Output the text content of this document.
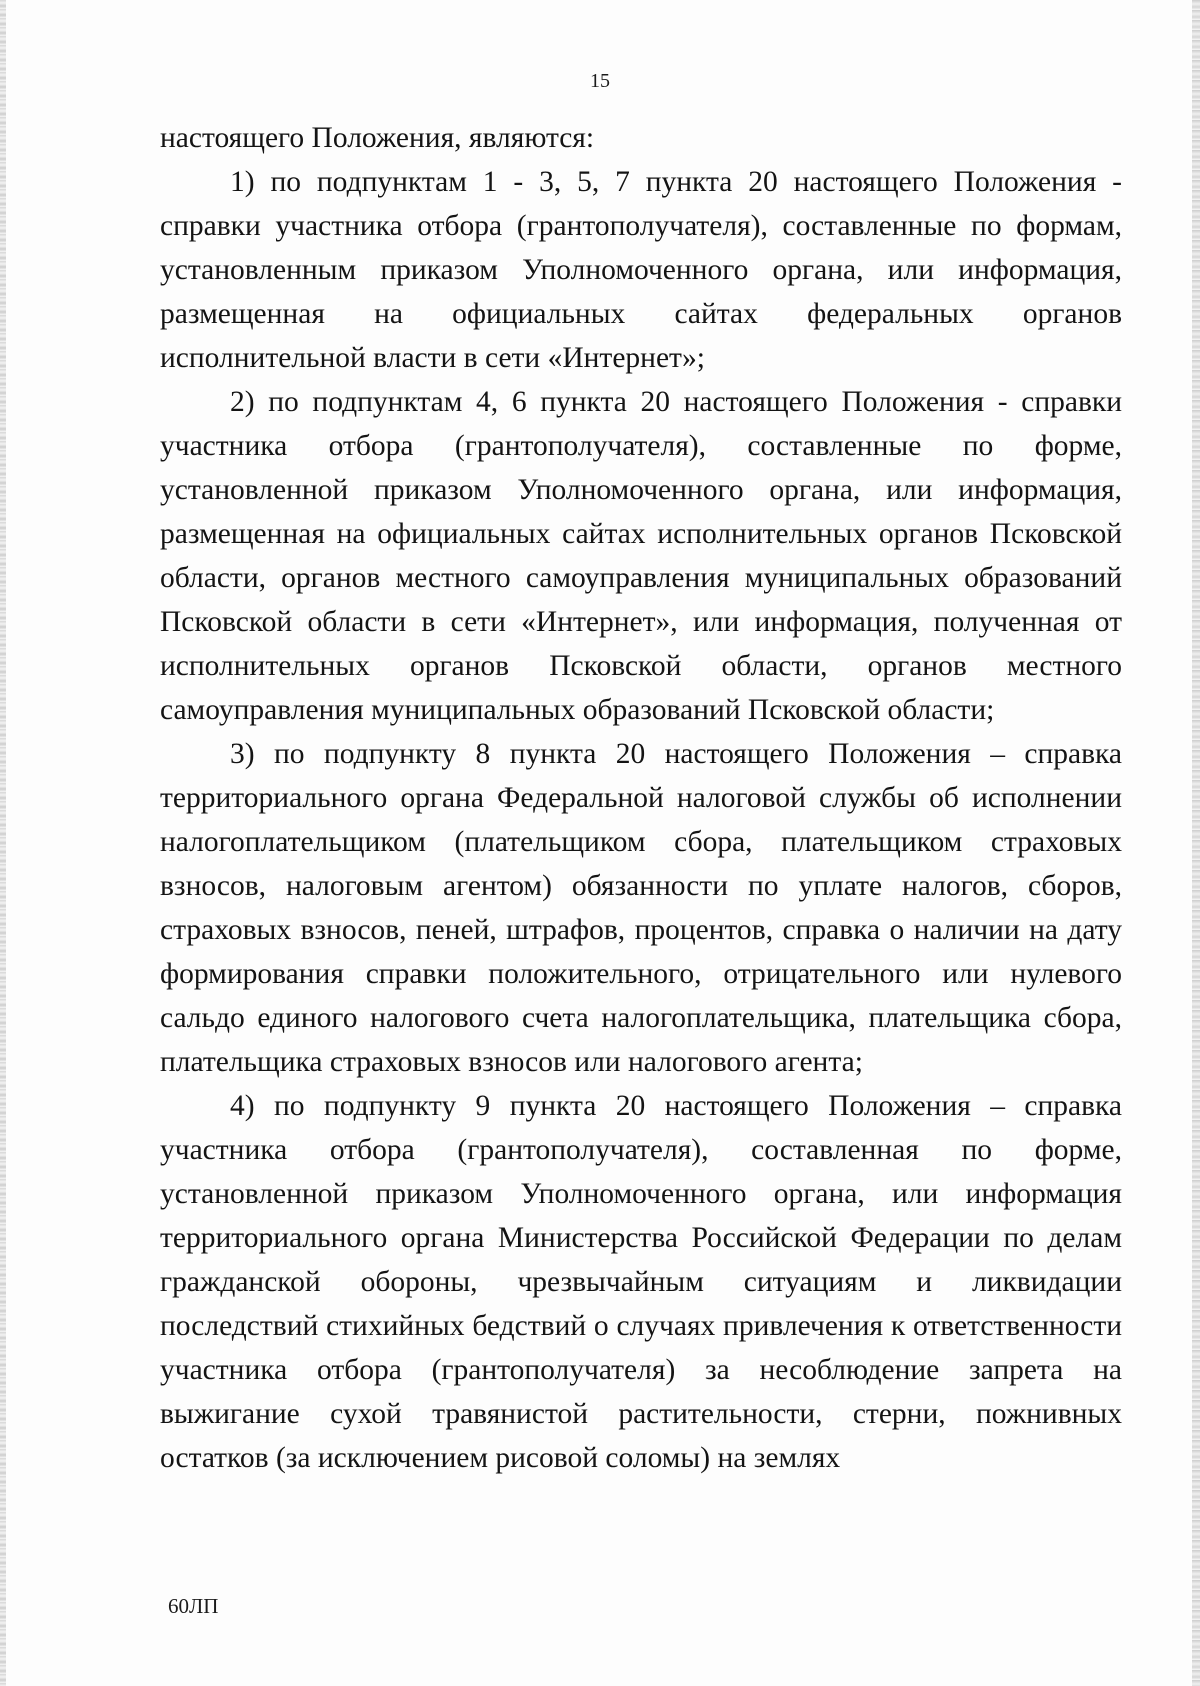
15

настоящего Положения, являются:

1) по подпунктам 1 - 3, 5, 7 пункта 20 настоящего Положения - справки участника отбора (грантополучателя), составленные по формам, установленным приказом Уполномоченного органа, или информация, размещенная на официальных сайтах федеральных органов исполнительной власти в сети «Интернет»;

2) по подпунктам 4, 6 пункта 20 настоящего Положения - справки участника отбора (грантополучателя), составленные по форме, установленной приказом Уполномоченного органа, или информация, размещенная на официальных сайтах исполнительных органов Псковской области, органов местного самоуправления муниципальных образований Псковской области в сети «Интернет», или информация, полученная от исполнительных органов Псковской области, органов местного самоуправления муниципальных образований Псковской области;

3) по подпункту 8 пункта 20 настоящего Положения – справка территориального органа Федеральной налоговой службы об исполнении налогоплательщиком (плательщиком сбора, плательщиком страховых взносов, налоговым агентом) обязанности по уплате налогов, сборов, страховых взносов, пеней, штрафов, процентов, справка о наличии на дату формирования справки положительного, отрицательного или нулевого сальдо единого налогового счета налогоплательщика, плательщика сбора, плательщика страховых взносов или налогового агента;

4) по подпункту 9 пункта 20 настоящего Положения – справка участника отбора (грантополучателя), составленная по форме, установленной приказом Уполномоченного органа, или информация территориального органа Министерства Российской Федерации по делам гражданской обороны, чрезвычайным ситуациям и ликвидации последствий стихийных бедствий о случаях привлечения к ответственности участника отбора (грантополучателя) за несоблюдение запрета на выжигание сухой травянистой растительности, стерни, пожнивных остатков (за исключением рисовой соломы) на землях

60ЛП
